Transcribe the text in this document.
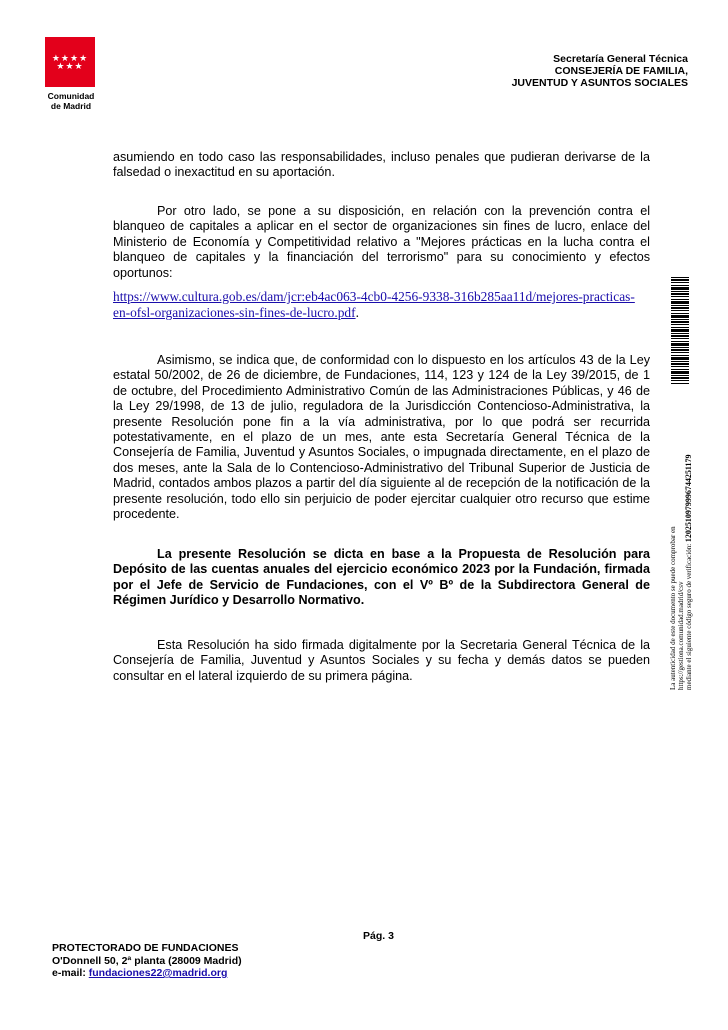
★★★★ ★★★
Comunidad
de Madrid
Secretaría General Técnica
CONSEJERÍA DE FAMILIA,
JUVENTUD Y ASUNTOS SOCIALES
asumiendo en todo caso las responsabilidades, incluso penales que pudieran derivarse de la falsedad o inexactitud en su aportación.
Por otro lado, se pone a su disposición, en relación con la prevención contra el blanqueo de capitales a aplicar en el sector de organizaciones sin fines de lucro, enlace del Ministerio de Economía y Competitividad relativo a "Mejores prácticas en la lucha contra el blanqueo de capitales y la financiación del terrorismo" para su conocimiento y efectos oportunos:
https://www.cultura.gob.es/dam/jcr:eb4ac063-4cb0-4256-9338-316b285aa11d/mejores-practicas-en-ofsl-organizaciones-sin-fines-de-lucro.pdf.
Asimismo, se indica que, de conformidad con lo dispuesto en los artículos 43 de la Ley estatal 50/2002, de 26 de diciembre, de Fundaciones, 114, 123 y 124 de la Ley 39/2015, de 1 de octubre, del Procedimiento Administrativo Común de las Administraciones Públicas, y 46 de la Ley 29/1998, de 13 de julio, reguladora de la Jurisdicción Contencioso-Administrativa, la presente Resolución pone fin a la vía administrativa, por lo que podrá ser recurrida potestativamente, en el plazo de un mes, ante esta Secretaría General Técnica de la Consejería de Familia, Juventud y Asuntos Sociales, o impugnada directamente, en el plazo de dos meses, ante la Sala de lo Contencioso-Administrativo del Tribunal Superior de Justicia de Madrid, contados ambos plazos a partir del día siguiente al de recepción de la notificación de la presente resolución, todo ello sin perjuicio de poder ejercitar cualquier otro recurso que estime procedente.
La presente Resolución se dicta en base a la Propuesta de Resolución para Depósito de las cuentas anuales del ejercicio económico 2023 por la Fundación, firmada por el Jefe de Servicio de Fundaciones, con el Vº Bº de la Subdirectora General de Régimen Jurídico y Desarrollo Normativo.
Esta Resolución ha sido firmada digitalmente por la Secretaria General Técnica de la Consejería de Familia, Juventud y Asuntos Sociales y su fecha y demás datos se pueden consultar en el lateral izquierdo de su primera página.	La autenticidad de este documento se puede comprobar en https://gestiona.comunidad.madrid/csv mediante el siguiente código seguro de verificación: 1202510979996744251179
Pág. 3
PROTECTORADO DE FUNDACIONES
O'Donnell 50, 2ª planta (28009 Madrid)
e-mail: fundaciones22@madrid.org
